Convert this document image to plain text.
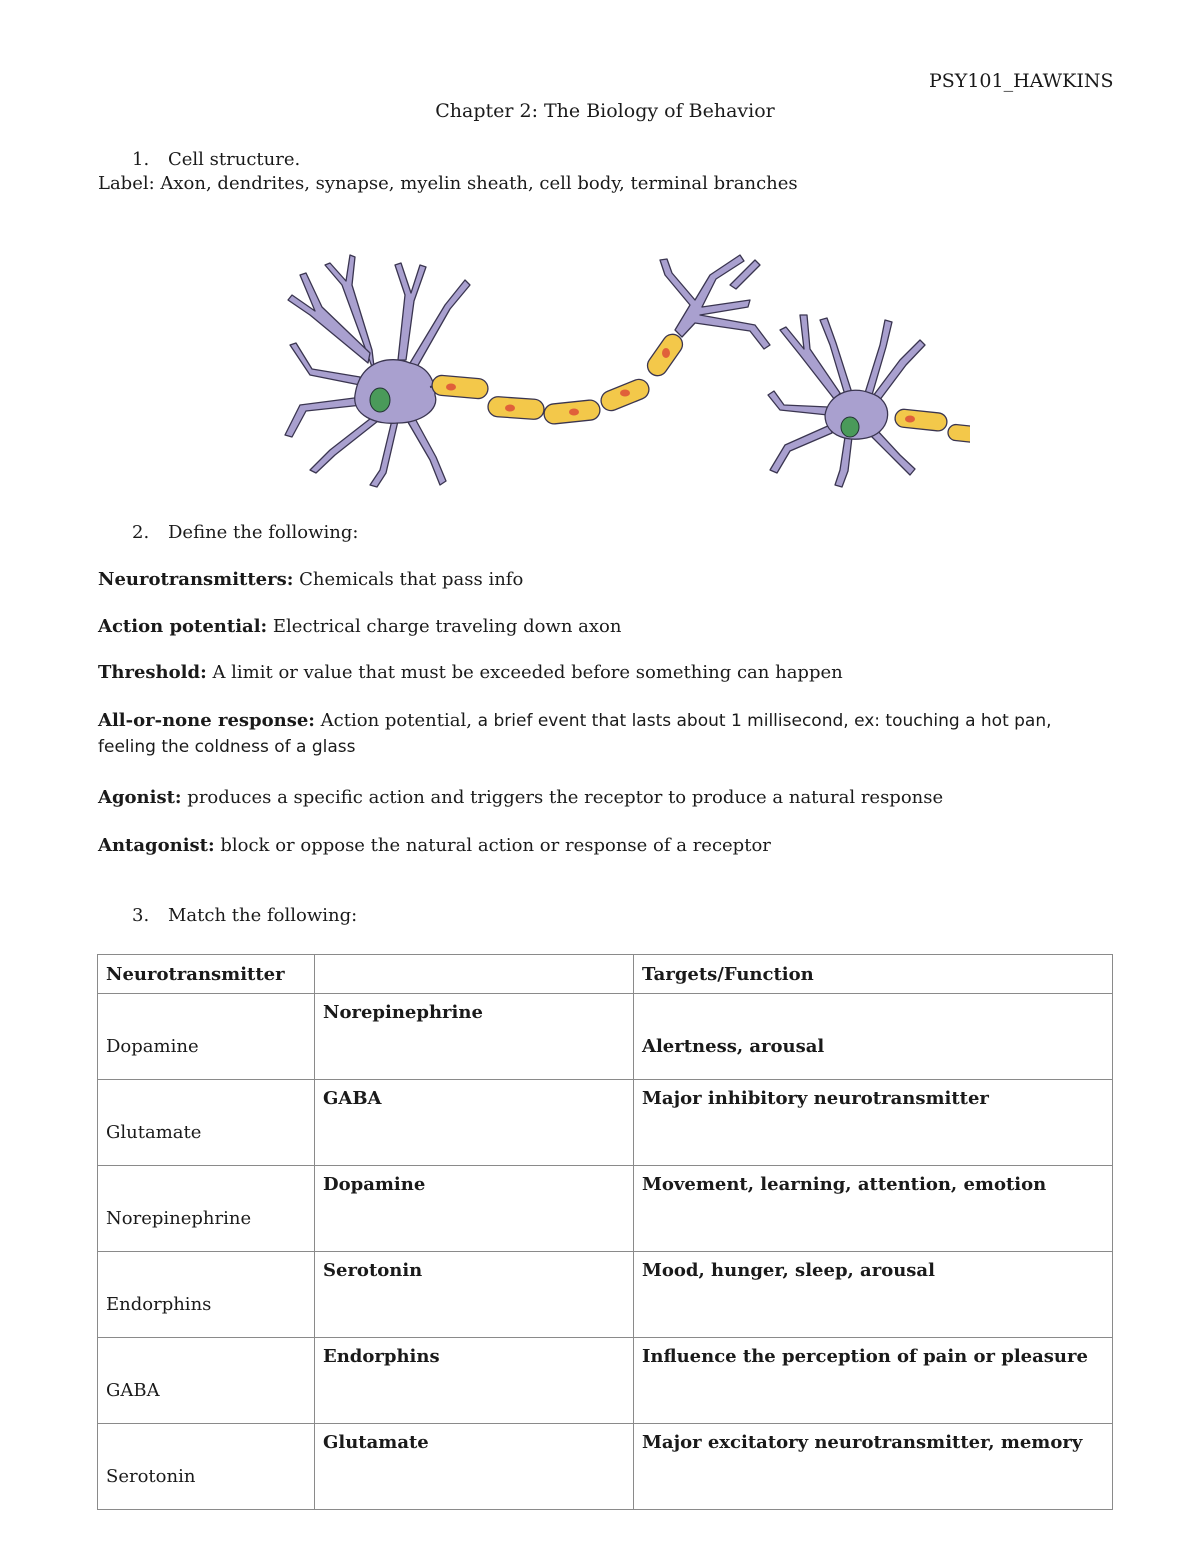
PSY101_HAWKINS
Chapter 2: The Biology of Behavior
1. Cell structure.
Label: Axon, dendrites, synapse, myelin sheath, cell body, terminal branches
2. Define the following:
Neurotransmitters: Chemicals that pass info
Action potential: Electrical charge traveling down axon
Threshold: A limit or value that must be exceeded before something can happen
All-or-none response: Action potential, a brief event that lasts about 1 millisecond, ex: touching a hot pan, feeling the coldness of a glass
Agonist: produces a specific action and triggers the receptor to produce a natural response
Antagonist: block or oppose the natural action or response of a receptor
3. Match the following:
Neurotransmitter		Targets/Function

Dopamine	Norepinephrine	Alertness, arousal

Glutamate	GABA	Major inhibitory neurotransmitter

Norepinephrine	Dopamine	Movement, learning, attention, emotion

Endorphins	Serotonin	Mood, hunger, sleep, arousal

GABA	Endorphins	Influence the perception of pain or pleasure

Serotonin	Glutamate	Major excitatory neurotransmitter, memory
